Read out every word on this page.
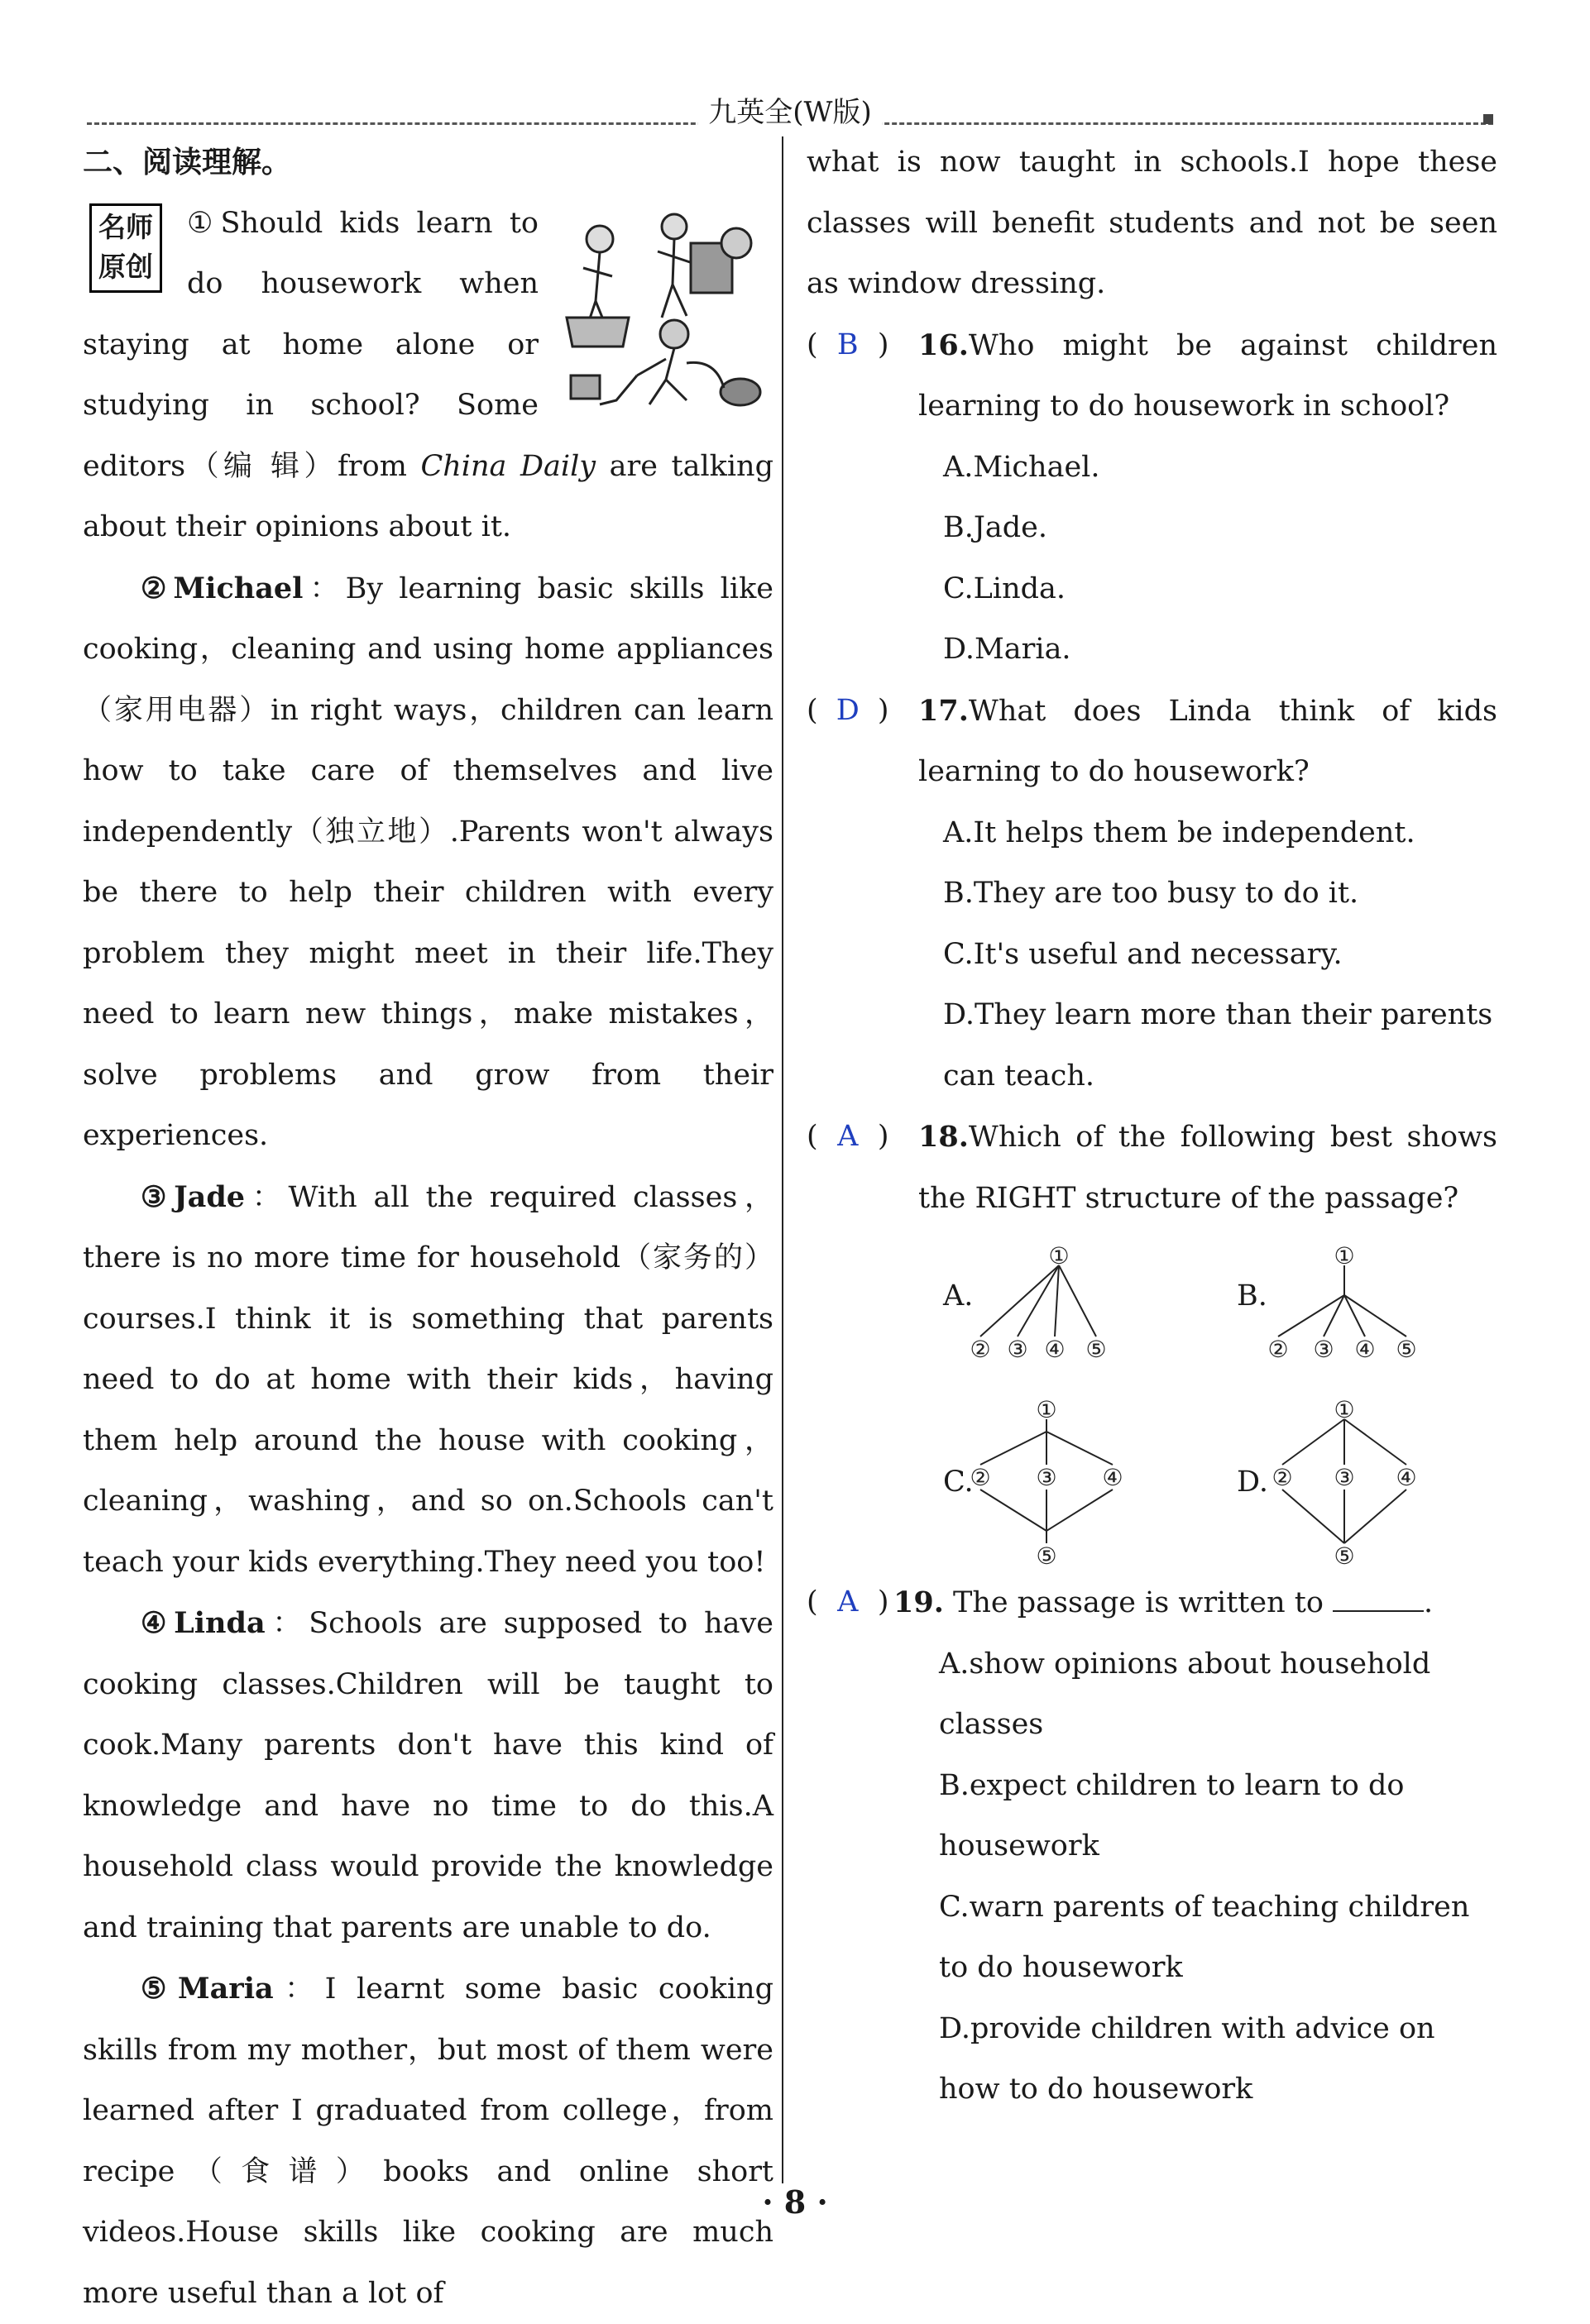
九英全(W版)
二、阅读理解。
名师
原创

①Should kids learn to do housework when staying at home alone or studying in school? Some editors（编 辑）from China Daily are talking about their opinions about it.

②Michael：By learning basic skills like cooking，cleaning and using home appliances（家用电器）in right ways，children can learn how to take care of themselves and live independently（独立地）.Parents won't always be there to help their children with every problem they might meet in their life.They need to learn new things，make mistakes，solve problems and grow from their experiences.

③Jade：With all the required classes，there is no more time for household（家务的）courses.I think it is something that parents need to do at home with their kids，having them help around the house with cooking，cleaning，washing，and so on.Schools can't teach your kids everything.They need you too!

④Linda：Schools are supposed to have cooking classes.Children will be taught to cook.Many parents don't have this kind of knowledge and have no time to do this.A household class would provide the knowledge and training that parents are unable to do.

⑤Maria：I learnt some basic cooking skills from my mother，but most of them were learned after I graduated from college，from recipe（食谱）books and online short videos.House skills like cooking are much more useful than a lot of

what is now taught in schools.I hope these classes will benefit students and not be seen as window dressing.

( B )	16.Who might be against children learning to do housework in school?
A.Michael.
B.Jade.
C.Linda.
D.Maria.
( D )	17.What does Linda think of kids learning to do housework?
A.It helps them be independent.
B.They are too busy to do it.
C.It's useful and necessary.
D.They learn more than their parents can teach.
( A )	18.Which of the following best shows the RIGHT structure of the passage?
A.
①
② ③ ④ ⑤
B.
①
② ③ ④ ⑤
C.
①
② ③ ④
⑤
D.
①
② ③ ④
⑤
( A ) 19. The passage is written to	.
A.show opinions about household classes
B.expect children to learn to do housework
C.warn parents of teaching children to do housework
D.provide children with advice on how to do housework
· 8 ·
